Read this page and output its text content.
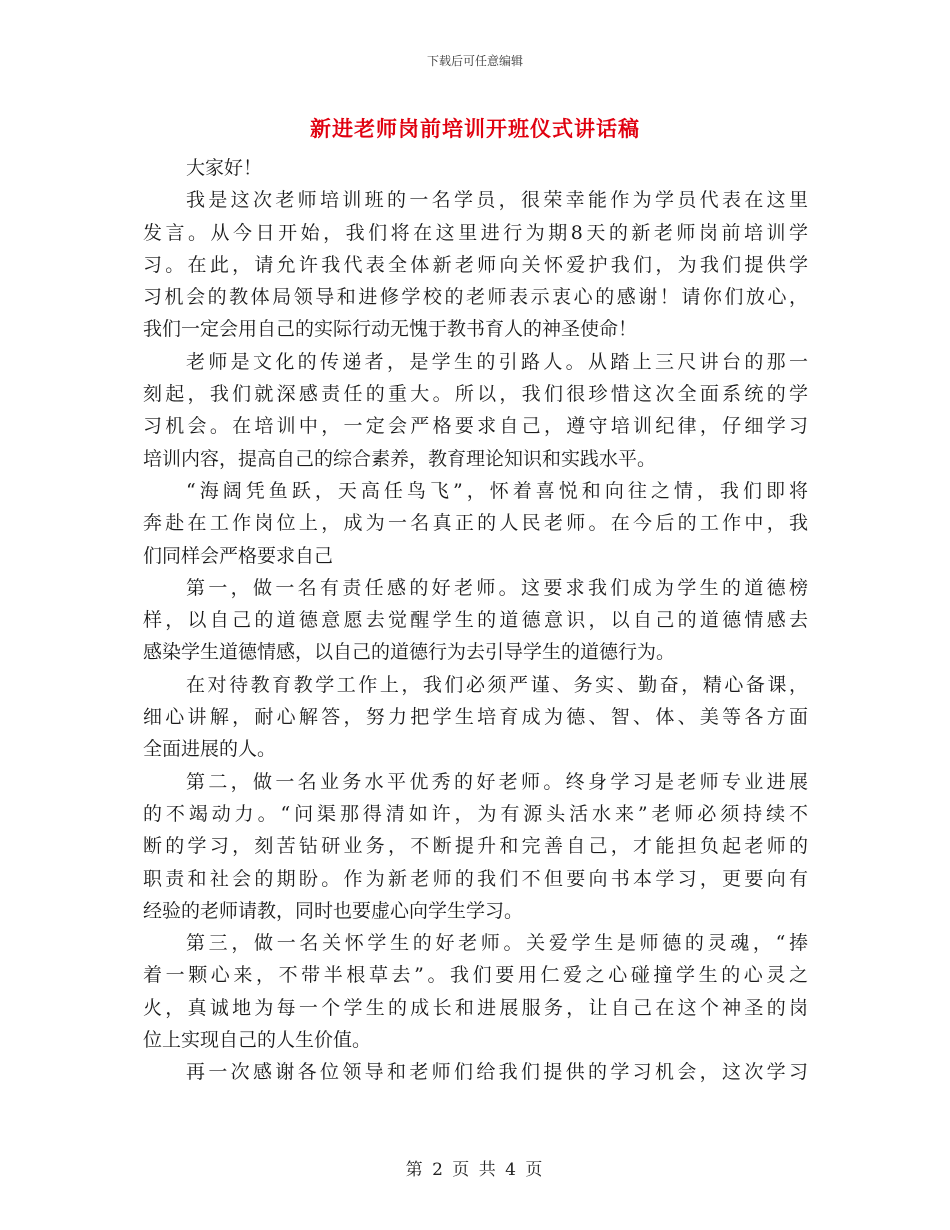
下载后可任意编辑
新进老师岗前培训开班仪式讲话稿
大家好！
我是这次老师培训班的一名学员，很荣幸能作为学员代表在这里
发言。从今日开始，我们将在这里进行为期8天的新老师岗前培训学
习。在此，请允许我代表全体新老师向关怀爱护我们，为我们提供学
习机会的教体局领导和进修学校的老师表示衷心的感谢！请你们放心，
我们一定会用自己的实际行动无愧于教书育人的神圣使命！
老师是文化的传递者，是学生的引路人。从踏上三尺讲台的那一
刻起，我们就深感责任的重大。所以，我们很珍惜这次全面系统的学
习机会。在培训中，一定会严格要求自己，遵守培训纪律，仔细学习
培训内容，提高自己的综合素养，教育理论知识和实践水平。
“海阔凭鱼跃，天高任鸟飞”，怀着喜悦和向往之情，我们即将
奔赴在工作岗位上，成为一名真正的人民老师。在今后的工作中，我
们同样会严格要求自己
第一，做一名有责任感的好老师。这要求我们成为学生的道德榜
样，以自己的道德意愿去觉醒学生的道德意识，以自己的道德情感去
感染学生道德情感，以自己的道德行为去引导学生的道德行为。
在对待教育教学工作上，我们必须严谨、务实、勤奋，精心备课，
细心讲解，耐心解答，努力把学生培育成为德、智、体、美等各方面
全面进展的人。
第二，做一名业务水平优秀的好老师。终身学习是老师专业进展
的不竭动力。“问渠那得清如许，为有源头活水来”老师必须持续不
断的学习，刻苦钻研业务，不断提升和完善自己，才能担负起老师的
职责和社会的期盼。作为新老师的我们不但要向书本学习，更要向有
经验的老师请教，同时也要虚心向学生学习。
第三，做一名关怀学生的好老师。关爱学生是师德的灵魂，“捧
着一颗心来，不带半根草去”。我们要用仁爱之心碰撞学生的心灵之
火，真诚地为每一个学生的成长和进展服务，让自己在这个神圣的岗
位上实现自己的人生价值。
再一次感谢各位领导和老师们给我们提供的学习机会，这次学习
第 2 页 共 4 页
